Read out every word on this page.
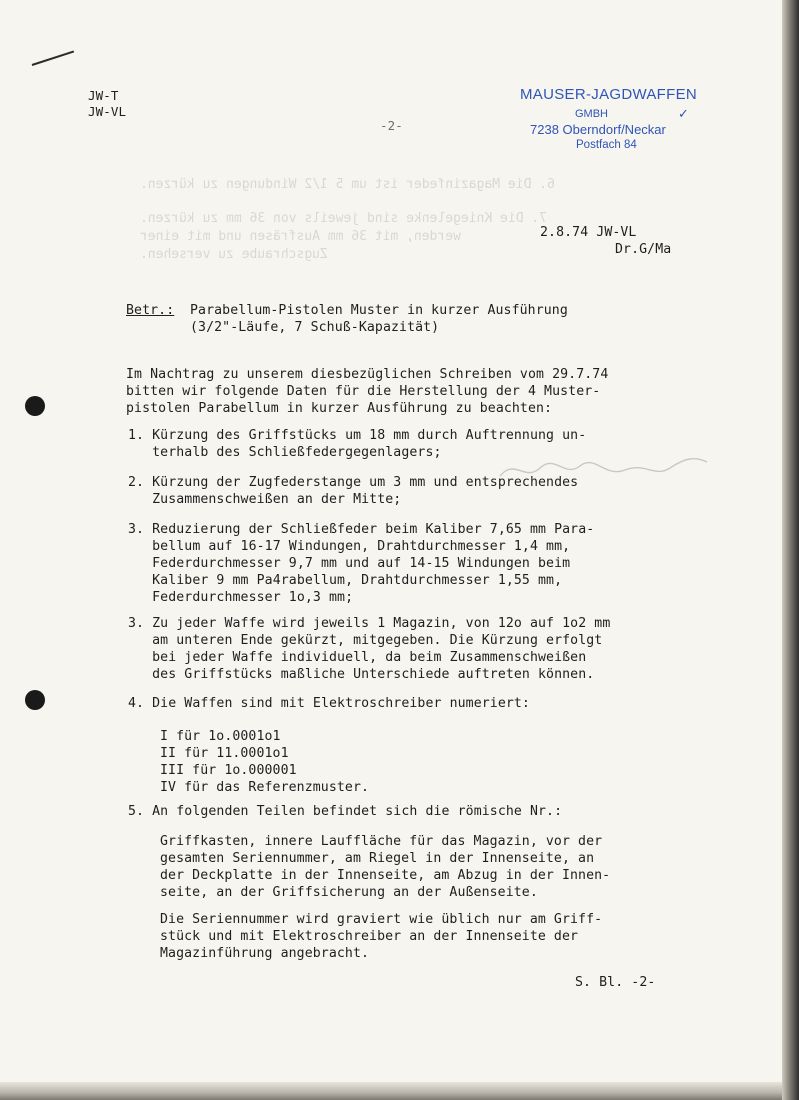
6. Die Magazinfeder ist um 5 1/2 Windungen zu kürzen.
7. Die Kniegelenke sind jeweils von 36 mm zu kürzen.
werden, mit 36 mm Ausfräsen und mit einer
Zugschraube zu versehen.
JW-T
JW-VL
-2-
MAUSER-JAGDWAFFEN
GMBH	✓
7238 Oberndorf/Neckar
Postfach 84
2.8.74 JW-VL
Dr.G/Ma
Betr.: Parabellum-Pistolen Muster in kurzer Ausführung
(3/2"-Läufe, 7 Schuß-Kapazität)
Im Nachtrag zu unserem diesbezüglichen Schreiben vom 29.7.74
bitten wir folgende Daten für die Herstellung der 4 Muster-
pistolen Parabellum in kurzer Ausführung zu beachten:
1. Kürzung des Griffstücks um 18 mm durch Auftrennung un-
terhalb des Schließfedergegenlagers;
2. Kürzung der Zugfederstange um 3 mm und entsprechendes
Zusammenschweißen an der Mitte;
3. Reduzierung der Schließfeder beim Kaliber 7,65 mm Para-
bellum auf 16-17 Windungen, Drahtdurchmesser 1,4 mm,
Federdurchmesser 9,7 mm und auf 14-15 Windungen beim
Kaliber 9 mm Pa4rabellum, Drahtdurchmesser 1,55 mm,
Federdurchmesser 1o,3 mm;
3. Zu jeder Waffe wird jeweils 1 Magazin, von 12o auf 1o2 mm
am unteren Ende gekürzt, mitgegeben. Die Kürzung erfolgt
bei jeder Waffe individuell, da beim Zusammenschweißen
des Griffstücks maßliche Unterschiede auftreten können.
4. Die Waffen sind mit Elektroschreiber numeriert:
I für 1o.0001o1
II für 11.0001o1
III für 1o.000001
IV für das Referenzmuster.
5. An folgenden Teilen befindet sich die römische Nr.:
Griffkasten, innere Lauffläche für das Magazin, vor der
gesamten Seriennummer, am Riegel in der Innenseite, an
der Deckplatte in der Innenseite, am Abzug in der Innen-
seite, an der Griffsicherung an der Außenseite.
Die Seriennummer wird graviert wie üblich nur am Griff-
stück und mit Elektroschreiber an der Innenseite der
Magazinführung angebracht.
S. Bl. -2-
